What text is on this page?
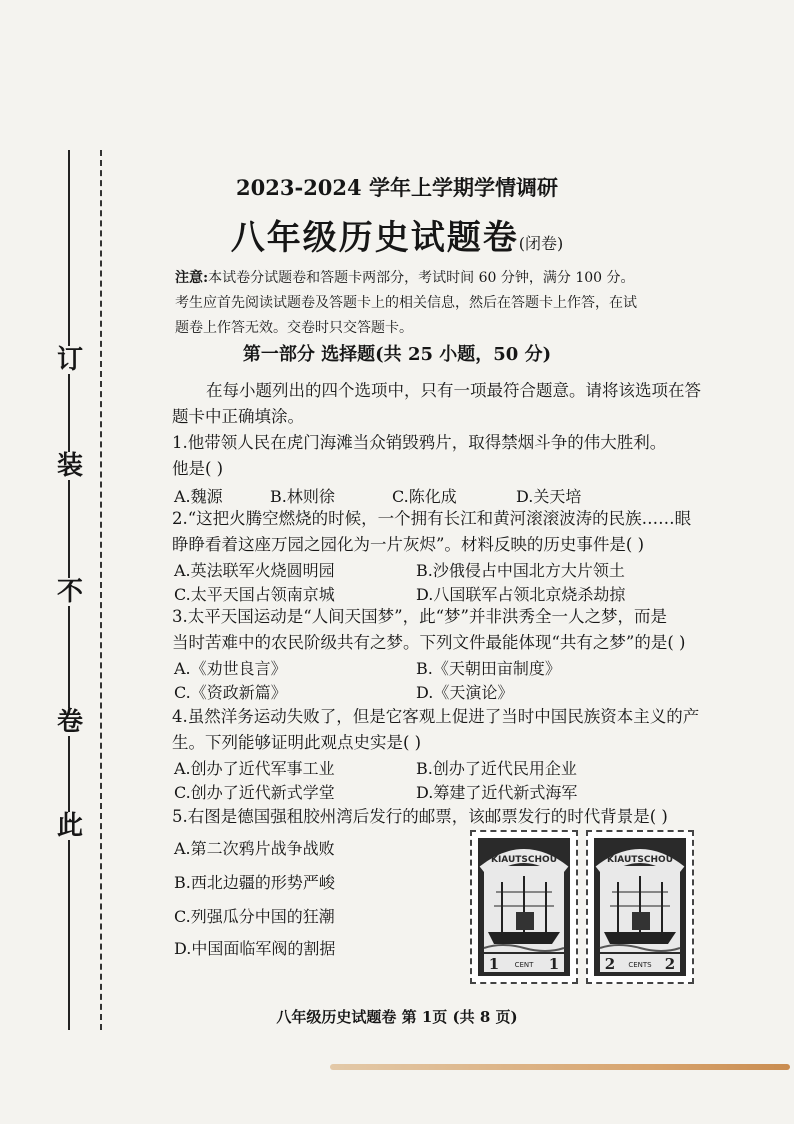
此
卷
不
装
订
2023-2024 学年上学期学情调研
八年级历史试题卷(闭卷)
注意:本试卷分试题卷和答题卡两部分，考试时间 60 分钟，满分 100 分。考生应首先阅读试题卷及答题卡上的相关信息，然后在答题卡上作答，在试题卷上作答无效。交卷时只交答题卡。
第一部分 选择题(共 25 小题，50 分)
在每小题列出的四个选项中，只有一项最符合题意。请将该选项在答
题卡中正确填涂。
1.他带领人民在虎门海滩当众销毁鸦片，取得禁烟斗争的伟大胜利。
他是( )
A.魏源	B.林则徐	C.陈化成	D.关天培
2.“这把火腾空燃烧的时候，一个拥有长江和黄河滚滚波涛的民族……眼
睁睁看着这座万园之园化为一片灰烬”。材料反映的历史事件是( )
A.英法联军火烧圆明园	B.沙俄侵占中国北方大片领土
C.太平天国占领南京城	D.八国联军占领北京烧杀劫掠
3.太平天国运动是“人间天国梦”，此“梦”并非洪秀全一人之梦，而是
当时苦难中的农民阶级共有之梦。下列文件最能体现“共有之梦”的是( )
A.《劝世良言》	B.《天朝田亩制度》
C.《资政新篇》	D.《天演论》
4.虽然洋务运动失败了，但是它客观上促进了当时中国民族资本主义的产
生。下列能够证明此观点史实是( )
A.创办了近代军事工业	B.创办了近代民用企业
C.创办了近代新式学堂	D.筹建了近代新式海军
5.右图是德国强租胶州湾后发行的邮票，该邮票发行的时代背景是( )
A.第二次鸦片战争战败
B.西北边疆的形势严峻
C.列强瓜分中国的狂潮
D.中国面临军阀的割据
KIAUTSCHOU
1 CENT 1
KIAUTSCHOU
2 CENTS 2
八年级历史试题卷 第 1页 (共 8 页)
